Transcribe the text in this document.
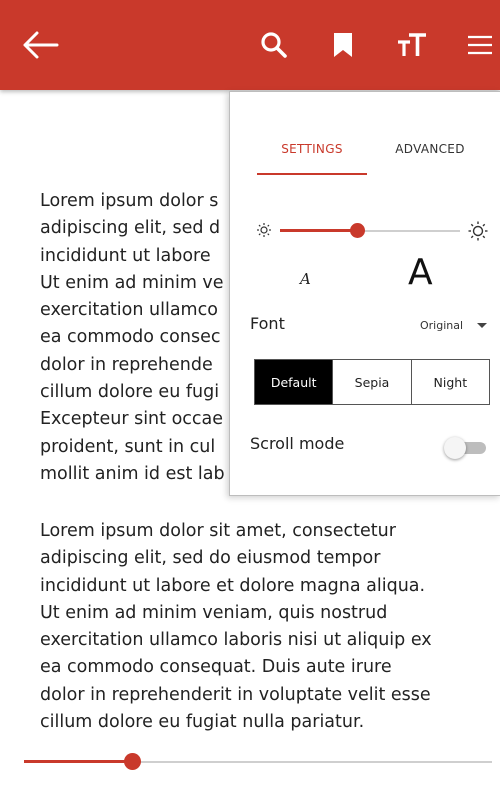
Lorem ipsum dolor s
adipiscing elit, sed d
incididunt ut labore
Ut enim ad minim ve
exercitation ullamco
ea commodo consec
dolor in reprehende
cillum dolore eu fugi
Excepteur sint occae
proident, sunt in cul
mollit anim id est lab

Lorem ipsum dolor sit amet, consectetur
adipiscing elit, sed do eiusmod tempor
incididunt ut labore et dolore magna aliqua.
Ut enim ad minim veniam, quis nostrud
exercitation ullamco laboris nisi ut aliquip ex
ea commodo consequat. Duis aute irure
dolor in reprehenderit in voluptate velit esse
cillum dolore eu fugiat nulla pariatur.

SETTINGS	ADVANCED
A	A
Font	Original
Default	Sepia	Night
Scroll mode
